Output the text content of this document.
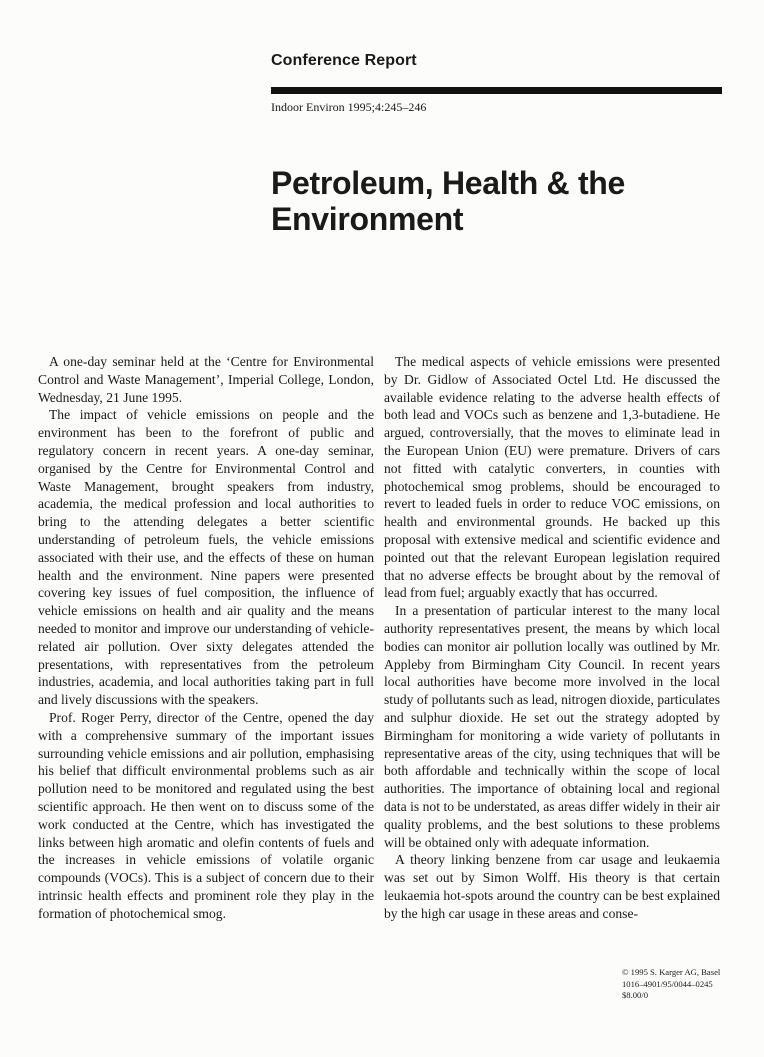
Conference Report
Indoor Environ 1995;4:245–246
Petroleum, Health & the Environment

A one-day seminar held at the ‘Centre for Environmental Control and Waste Management’, Imperial College, London, Wednesday, 21 June 1995.

The impact of vehicle emissions on people and the environment has been to the forefront of public and regulatory concern in recent years. A one-day seminar, organised by the Centre for Environmental Control and Waste Management, brought speakers from industry, academia, the medical profession and local authorities to bring to the attending delegates a better scientific understanding of petroleum fuels, the vehicle emissions associated with their use, and the effects of these on human health and the environment. Nine papers were presented covering key issues of fuel composition, the influence of vehicle emissions on health and air quality and the means needed to monitor and improve our understanding of vehicle-related air pollution. Over sixty delegates attended the presentations, with representatives from the petroleum industries, academia, and local authorities taking part in full and lively discussions with the speakers.

Prof. Roger Perry, director of the Centre, opened the day with a comprehensive summary of the important issues surrounding vehicle emissions and air pollution, emphasising his belief that difficult environmental problems such as air pollution need to be monitored and regulated using the best scientific approach. He then went on to discuss some of the work conducted at the Centre, which has investigated the links between high aromatic and olefin contents of fuels and the increases in vehicle emissions of volatile organic compounds (VOCs). This is a subject of concern due to their intrinsic health effects and prominent role they play in the formation of photochemical smog.

The medical aspects of vehicle emissions were presented by Dr. Gidlow of Associated Octel Ltd. He discussed the available evidence relating to the adverse health effects of both lead and VOCs such as benzene and 1,3-butadiene. He argued, controversially, that the moves to eliminate lead in the European Union (EU) were premature. Drivers of cars not fitted with catalytic converters, in counties with photochemical smog problems, should be encouraged to revert to leaded fuels in order to reduce VOC emissions, on health and environmental grounds. He backed up this proposal with extensive medical and scientific evidence and pointed out that the relevant European legislation required that no adverse effects be brought about by the removal of lead from fuel; arguably exactly that has occurred.

In a presentation of particular interest to the many local authority representatives present, the means by which local bodies can monitor air pollution locally was outlined by Mr. Appleby from Birmingham City Council. In recent years local authorities have become more involved in the local study of pollutants such as lead, nitrogen dioxide, particulates and sulphur dioxide. He set out the strategy adopted by Birmingham for monitoring a wide variety of pollutants in representative areas of the city, using techniques that will be both affordable and technically within the scope of local authorities. The importance of obtaining local and regional data is not to be understated, as areas differ widely in their air quality problems, and the best solutions to these problems will be obtained only with adequate information.

A theory linking benzene from car usage and leukaemia was set out by Simon Wolff. His theory is that certain leukaemia hot-spots around the country can be best explained by the high car usage in these areas and conse-

© 1995 S. Karger AG, Basel
1016–4901/95/0044–0245
$8.00/0
